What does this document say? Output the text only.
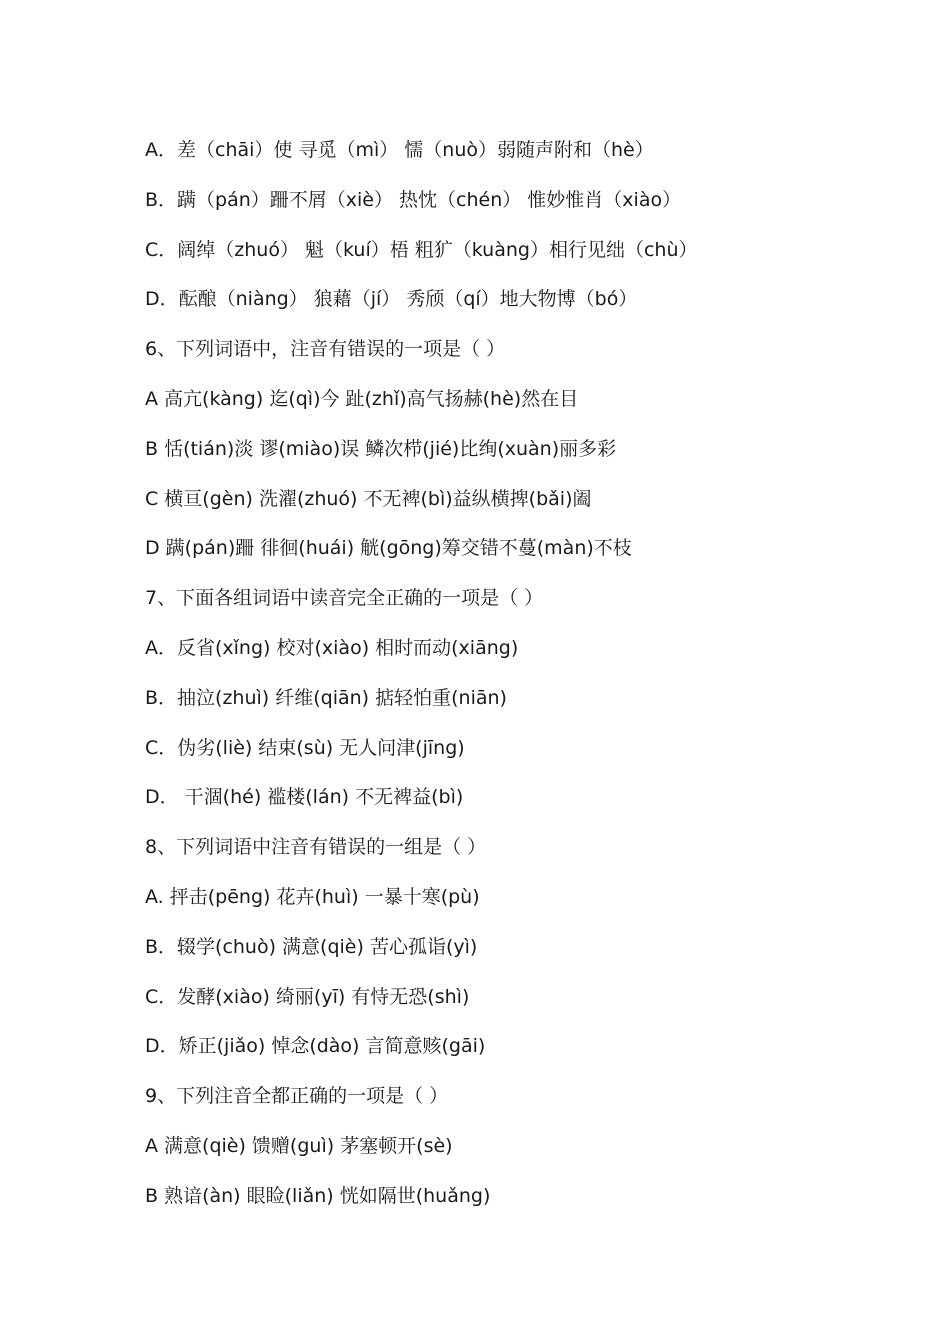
A．差（chāi）使 寻觅（mì） 懦（nuò）弱随声附和（hè）
B．蹒（pán）跚不屑（xiè） 热忱（chén） 惟妙惟肖（xiào）
C．阔绰（zhuó） 魁（kuí）梧 粗犷（kuàng）相行见绌（chù）
D．酝酿（niàng） 狼藉（jí） 秀颀（qí）地大物博（bó）
6、下列词语中，注音有错误的一项是（ ）
A 高亢(kàng) 迄(qì)今 趾(zhǐ)高气扬赫(hè)然在目
B 恬(tián)淡 谬(miào)误 鳞次栉(jié)比绚(xuàn)丽多彩
C 横亘(gèn) 洗濯(zhuó) 不无裨(bì)益纵横捭(bǎi)阖
D 蹒(pán)跚 徘徊(huái) 觥(gōng)筹交错不蔓(màn)不枝
7、下面各组词语中读音完全正确的一项是（ ）
A．反省(xǐng) 校对(xiào) 相时而动(xiāng)
B．抽泣(zhuì) 纤维(qiān) 掂轻怕重(niān)
C．伪劣(liè) 结束(sù) 无人问津(jīng)
D． 干涸(hé) 褴楼(lán) 不无裨益(bì)
8、下列词语中注音有错误的一组是（ ）
A. 抨击(pēng) 花卉(huì) 一暴十寒(pù)
B．辍学(chuò) 满意(qiè) 苦心孤诣(yì)
C．发酵(xiào) 绮丽(yī) 有恃无恐(shì)
D．矫正(jiǎo) 悼念(dào) 言简意赅(gāi)
9、下列注音全都正确的一项是（ ）
A 满意(qiè) 馈赠(guì) 茅塞顿开(sè)
B 熟谙(àn) 眼睑(liǎn) 恍如隔世(huǎng)
